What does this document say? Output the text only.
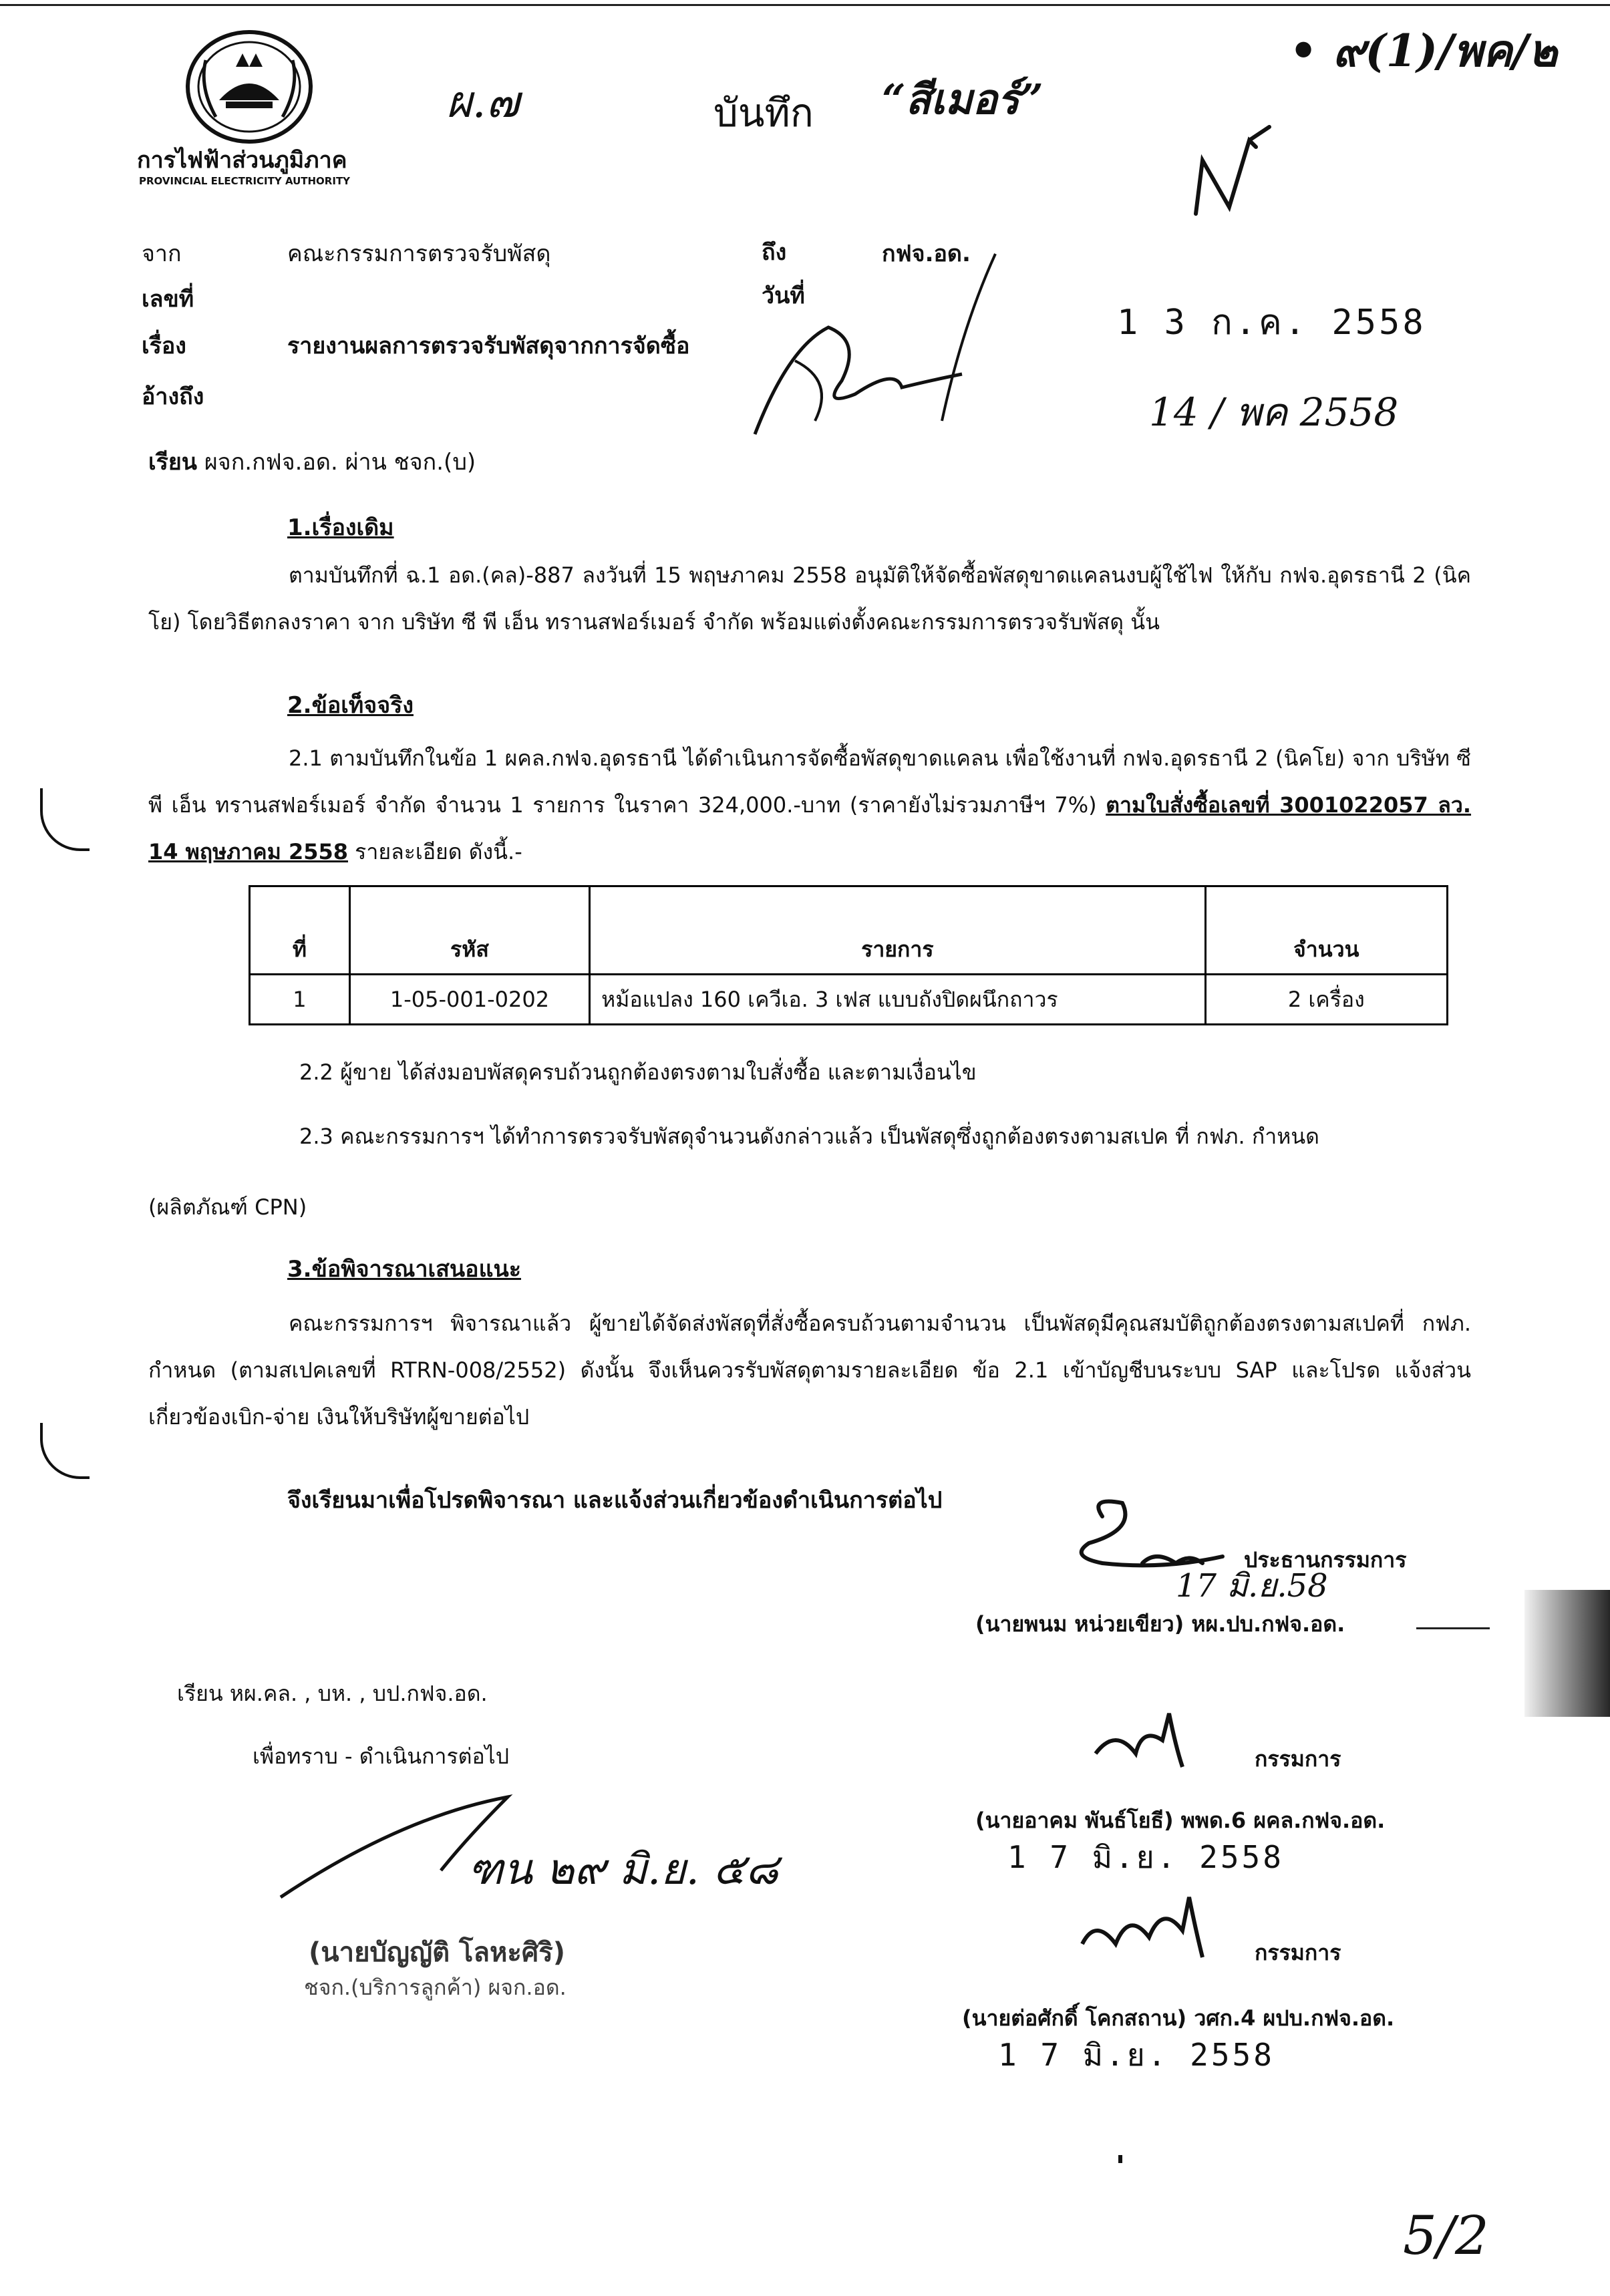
การไฟฟ้าส่วนภูมิภาค
PROVINCIAL ELECTRICITY AUTHORITY
ผ.๗	บันทึก “สีเมอร์”
• ๙(1)/พค/๒
จาก	คณะกรรมการตรวจรับพัสดุ	ถึง	กฟจ.อด.
เลขที่	วันที่
เรื่อง	รายงานผลการตรวจรับพัสดุจากการจัดซื้อ
อ้างถึง
1 3 ก.ค. 2558
14 / พค 2558
เรียน ผจก.กฟจ.อด. ผ่าน ชจก.(บ)
1.เรื่องเดิม
ตามบันทึกที่ ฉ.1 อด.(คล)-887 ลงวันที่ 15 พฤษภาคม 2558 อนุมัติให้จัดซื้อพัสดุขาดแคลนงบผู้ใช้ไฟ ให้กับ กฟจ.อุดรธานี 2 (นิคโย) โดยวิธีตกลงราคา จาก บริษัท ซี พี เอ็น ทรานสฟอร์เมอร์ จำกัด พร้อมแต่งตั้งคณะกรรมการตรวจรับพัสดุ นั้น
2.ข้อเท็จจริง
2.1 ตามบันทึกในข้อ 1 ผคล.กฟจ.อุดรธานี ได้ดำเนินการจัดซื้อพัสดุขาดแคลน เพื่อใช้งานที่ กฟจ.อุดรธานี 2 (นิคโย) จาก บริษัท ซี พี เอ็น ทรานสฟอร์เมอร์ จำกัด จำนวน 1 รายการ ในราคา 324,000.-บาท (ราคายังไม่รวมภาษีฯ 7%) ตามใบสั่งซื้อเลขที่ 3001022057 ลว. 14 พฤษภาคม 2558 รายละเอียด ดังนี้.-
ที่	รหัส	รายการ	จำนวน
1	1-05-001-0202	หม้อแปลง 160 เควีเอ. 3 เฟส แบบถังปิดผนึกถาวร	2 เครื่อง
2.2 ผู้ขาย ได้ส่งมอบพัสดุครบถ้วนถูกต้องตรงตามใบสั่งซื้อ และตามเงื่อนไข
2.3 คณะกรรมการฯ ได้ทำการตรวจรับพัสดุจำนวนดังกล่าวแล้ว เป็นพัสดุซึ่งถูกต้องตรงตามสเปค ที่ กฟภ. กำหนด
(ผลิตภัณฑ์ CPN)
3.ข้อพิจารณาเสนอแนะ
คณะกรรมการฯ พิจารณาแล้ว ผู้ขายได้จัดส่งพัสดุที่สั่งซื้อครบถ้วนตามจำนวน เป็นพัสดุมีคุณสมบัติถูกต้องตรงตามสเปคที่ กฟภ. กำหนด (ตามสเปคเลขที่ RTRN-008/2552) ดังนั้น จึงเห็นควรรับพัสดุตามรายละเอียด ข้อ 2.1 เข้าบัญชีบนระบบ SAP และโปรด แจ้งส่วนเกี่ยวข้องเบิก-จ่าย เงินให้บริษัทผู้ขายต่อไป
จึงเรียนมาเพื่อโปรดพิจารณา และแจ้งส่วนเกี่ยวข้องดำเนินการต่อไป
ประธานกรรมการ
17 มิ.ย.58
(นายพนม หน่วยเขียว) หผ.ปบ.กฟจ.อด.
เรียน หผ.คล. , บห. , บป.กฟจ.อด.
เพื่อทราบ - ดำเนินการต่อไป
ฑน ๒๙ มิ.ย. ๕๘
(นายบัญญัติ โลหะศิริ)
ชจก.(บริการลูกค้า) ผจก.อด.
กรรมการ
(นายอาคม พันธ์โยธี) พพด.6 ผคล.กฟจ.อด.
1 7 มิ.ย. 2558
กรรมการ
(นายต่อศักดิ์ โคกสถาน) วศก.4 ผปบ.กฟจ.อด.
1 7 มิ.ย. 2558
5/2
